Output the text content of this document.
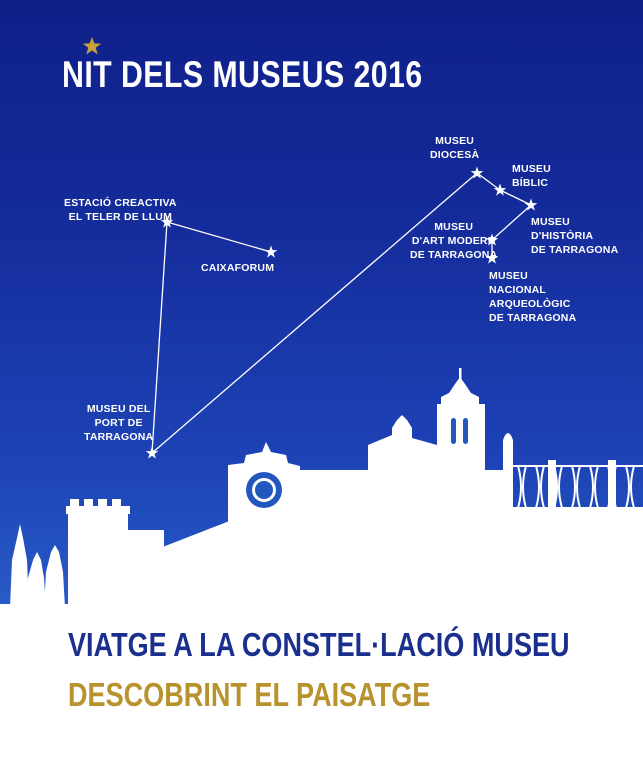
NIT DELS MUSEUS 2016
ESTACIÓ CREACTIVA
EL TELER DE LLUM
CAIXAFORUM
MUSEU DEL
PORT DE
TARRAGONA
MUSEU
DIOCESÀ
MUSEU
BÍBLIC
MUSEU
D'ART MODERN
DE TARRAGONA
MUSEU
D'HISTÒRIA
DE TARRAGONA
MUSEU
NACIONAL
ARQUEOLÒGIC
DE TARRAGONA
VIATGE A LA CONSTEL·LACIÓ MUSEU
DESCOBRINT EL PAISATGE
